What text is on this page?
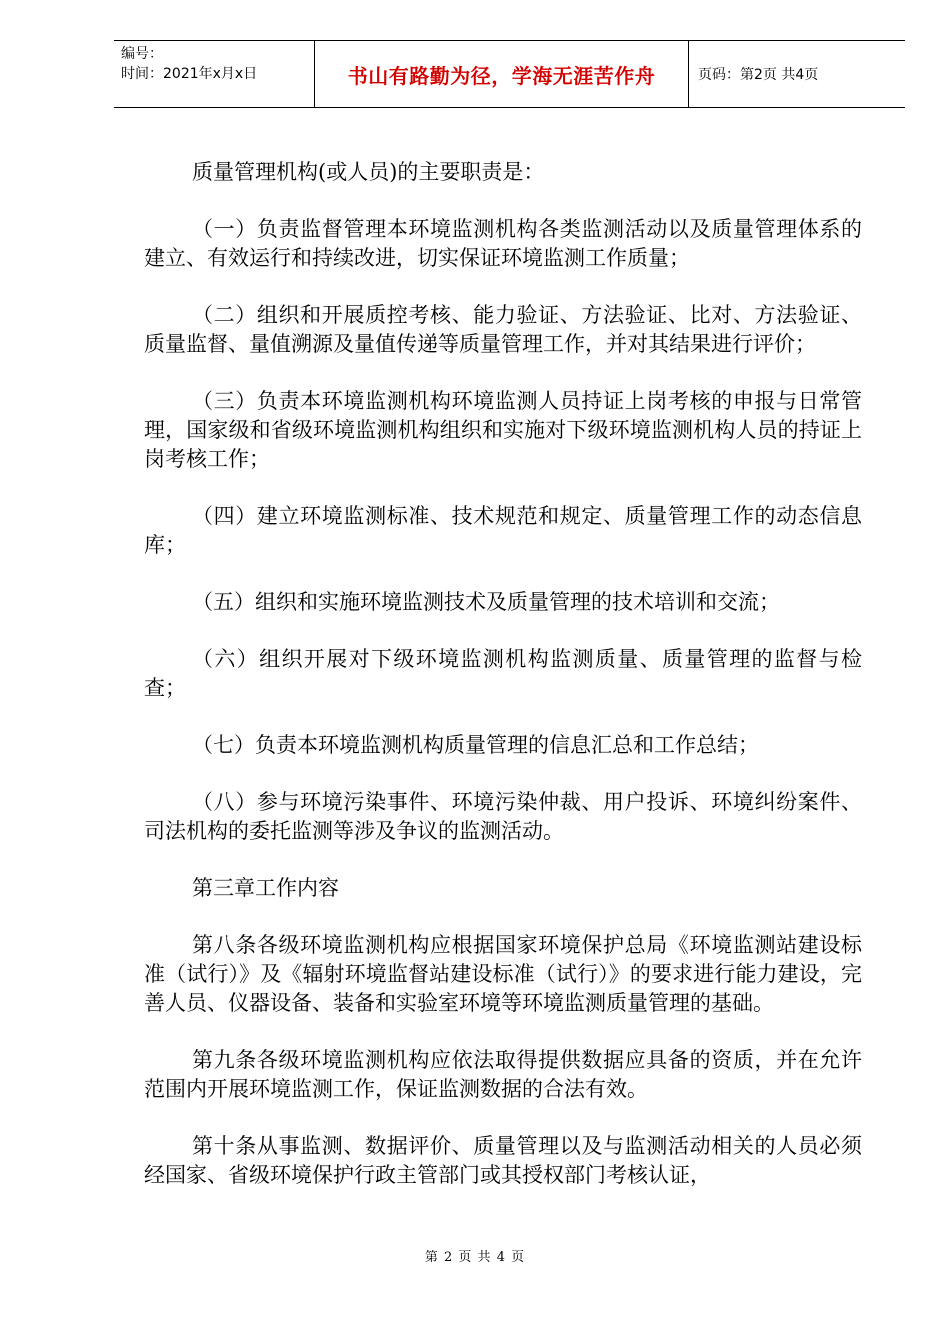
编号：
时间：2021年x月x日	书山有路勤为径，学海无涯苦作舟	页码：第2页 共4页

质量管理机构(或人员)的主要职责是：

（一）负责监督管理本环境监测机构各类监测活动以及质量管理体系的建立、有效运行和持续改进，切实保证环境监测工作质量；

（二）组织和开展质控考核、能力验证、方法验证、比对、方法验证、质量监督、量值溯源及量值传递等质量管理工作，并对其结果进行评价；

（三）负责本环境监测机构环境监测人员持证上岗考核的申报与日常管理，国家级和省级环境监测机构组织和实施对下级环境监测机构人员的持证上岗考核工作；

（四）建立环境监测标准、技术规范和规定、质量管理工作的动态信息库；

（五）组织和实施环境监测技术及质量管理的技术培训和交流；

（六）组织开展对下级环境监测机构监测质量、质量管理的监督与检查；

（七）负责本环境监测机构质量管理的信息汇总和工作总结；

（八）参与环境污染事件、环境污染仲裁、用户投诉、环境纠纷案件、司法机构的委托监测等涉及争议的监测活动。

第三章工作内容

第八条各级环境监测机构应根据国家环境保护总局《环境监测站建设标准（试行）》及《辐射环境监督站建设标准（试行）》的要求进行能力建设，完善人员、仪器设备、装备和实验室环境等环境监测质量管理的基础。

第九条各级环境监测机构应依法取得提供数据应具备的资质，并在允许范围内开展环境监测工作，保证监测数据的合法有效。

第十条从事监测、数据评价、质量管理以及与监测活动相关的人员必须经国家、省级环境保护行政主管部门或其授权部门考核认证，

第 2 页 共 4 页
